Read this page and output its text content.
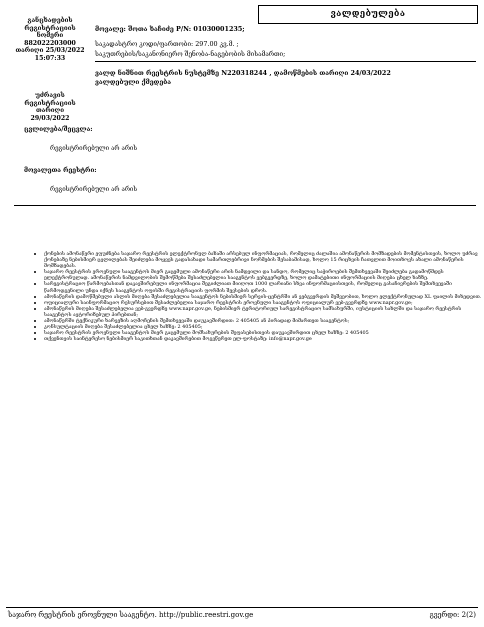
ვალდებულება
განცხადების
რეგისტრაციის
ნომერი
882022203000
თარიღი 25/03/2022
15:07:33
მოვალე: შოთა ხაჩიძე P/N: 01030001235;
საკადასტრო კოდი/ფართობი: 297.00 კვ.მ. ;
საკუთრების/საკანონიერო შენობა-ნაგებობის მისამართი;
ვალდ ნიშნით რეესტრის ნუსტემზე N220318244 , დამოწმების თარიღი 24/03/2022
ვალდებული ქმედება
უძრავის
რეგისტრაციის თარიღი
29/03/2022
ცვლილება/შეცვლა:
რეგისტრირებული არ არის
მოვალეთა რეესტრი:
რეგისტრირებული არ არის
• ქონების ამონაწერი ეფუძნება საჯარო რეესტრის ელექტრონულ ბაზაში არსებულ ინფორმაციას, რომელიც ძალაშია ამონაწერის მომზადების მომენტისთვის, ხოლო უძრავ ქონებაზე ნებისმიერ ცვლილებას შეიძლება მოყვეს გადასახადი სამართლებრივი ნორმების შესაბამისად, ხოლო 15 რიცხვის ჩათვლით მოითხოვს ახალი ამონაწერის მომზადებას.
• საჯარო რეესტრის ეროვნული სააგენტოს მიერ გაცემული ამონაწერი არის ნამდვილი და სანდო, რომელიც საჭიროების შემთხვევაში შეიძლება გადამოწმდეს ელექტრონულად. ამონაწერის ნამდვილობის შემოწმება შესაძლებელია სააგენტოს ვებგვერდზე, ხოლო დამატებითი ინფორმაციის მიღება ცხელ ხაზზე.
• სარეგისტრაციო წარმოებასთან დაკავშირებული ინფორმაცია შეგიძლიათ მიიღოთ 1000 ლარიანი სხვა ინფორმაციისთვის, რომელიც გასაჩივრების შემთხვევაში წარმოდგენილი უნდა იქნეს სააგენტოს ოფისში რეგისტრაციის ფორმის შევსების დროს.
• ამონაწერის დამოწმებული ასლის მიღება შესაძლებელია სააგენტოს ნებისმიერ სერვის-ცენტრში ან ვებგვერდის მეშვეობით, ხოლო ელექტრონულად XL ფაილის მიხედვით.
• ოფიციალური საინფორმაციო რესურსებით შესაძლებელია საჯარო რეესტრის ეროვნული სააგენტოს ოფიციალურ ვებ-გვერდზე www.napr.gov.ge;
• ამონაწერის მიღება შესაძლებელია ვებ-გვერდზე www.napr.gov.ge, ნებისმიერ ტერიტორიულ სარეგისტრაციო სამსახურში, იუსტიციის სახლში და საჯარო რეესტრის სააგენტოს ავტორიზებულ პირებთან;
• ამონაწერში ტექნიკური ხარვეზის აღმოჩენის შემთხვევაში დაუკავშირდით: 2 405405 ან პირადად მიმართეთ სააგენტოს;
• კონსულტაციის მიღება შესაძლებელია ცხელ ხაზზე: 2 405405;
• საჯარო რეესტრის ეროვნული სააგენტოს მიერ გაცემული მომსახურების შეფასებისთვის დაუკავშირდით ცხელ ხაზზე: 2 405405
• თქვენთვის საინტერესო ნებისმიერ საკითხთან დაკავშირებით მოგვწერეთ ელ-ფოსტაზე: info@napr.gov.ge
საჯარო რეესტრის ეროვნული სააგენტო. http://public.reestri.gov.ge	გვერდი: 2(2)
